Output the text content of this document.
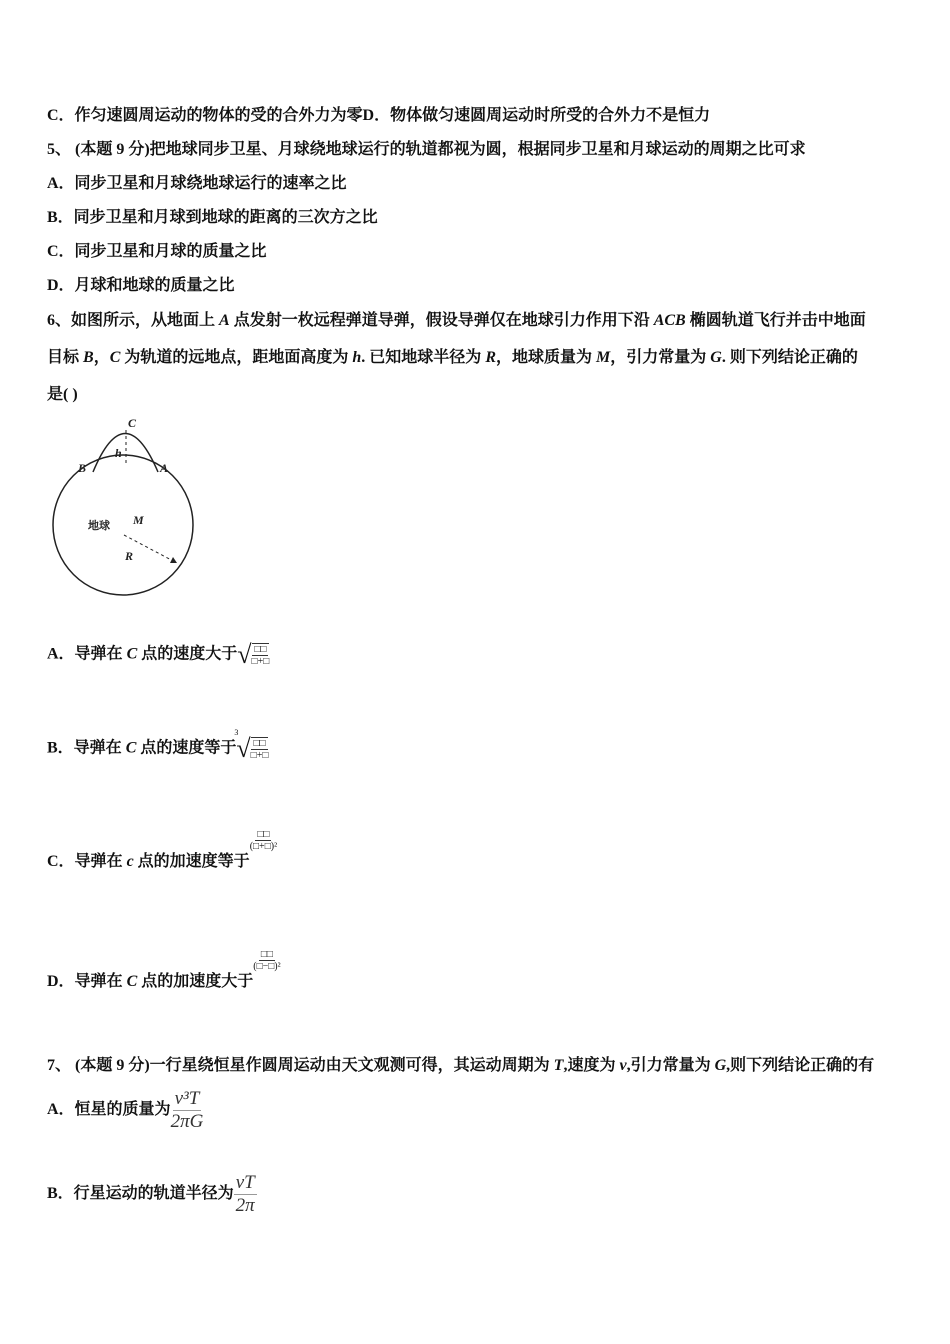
C．作匀速圆周运动的物体的受的合外力为零D．物体做匀速圆周运动时所受的合外力不是恒力
5、 (本题 9 分)把地球同步卫星、月球绕地球运行的轨道都视为圆，根据同步卫星和月球运动的周期之比可求
A．同步卫星和月球绕地球运行的速率之比
B．同步卫星和月球到地球的距离的三次方之比
C．同步卫星和月球的质量之比
D．月球和地球的质量之比
6、如图所示，从地面上 A 点发射一枚远程弹道导弹，假设导弹仅在地球引力作用下沿 ACB 椭圆轨道飞行并击中地面
目标 B，C 为轨道的远地点，距地面高度为 h. 已知地球半径为 R，地球质量为 M，引力常量为 G. 则下列结论正确的
是( )
C
h
B	A
地球 M
R
A．导弹在 C 点的速度大于 √ $\frac{□□}{□+□}$
B．导弹在 C 点的速度等于
3
√ $\frac{□□}{□+□}$
C．导弹在 c 点的加速度等于
$\frac{□□}{\text{(□+□)²}}$
D．导弹在 C 点的加速度大于
$\frac{□□}{\text{(□−□)²}}$
7、 (本题 9 分)一行星绕恒星作圆周运动由天文观测可得，其运动周期为 T,速度为 v,引力常量为 G,则下列结论正确的有
A．恒星的质量为 $\frac{\text{v³T}}{2\pi G}$
B．行星运动的轨道半径为 $\frac{vT}{2\pi}$
